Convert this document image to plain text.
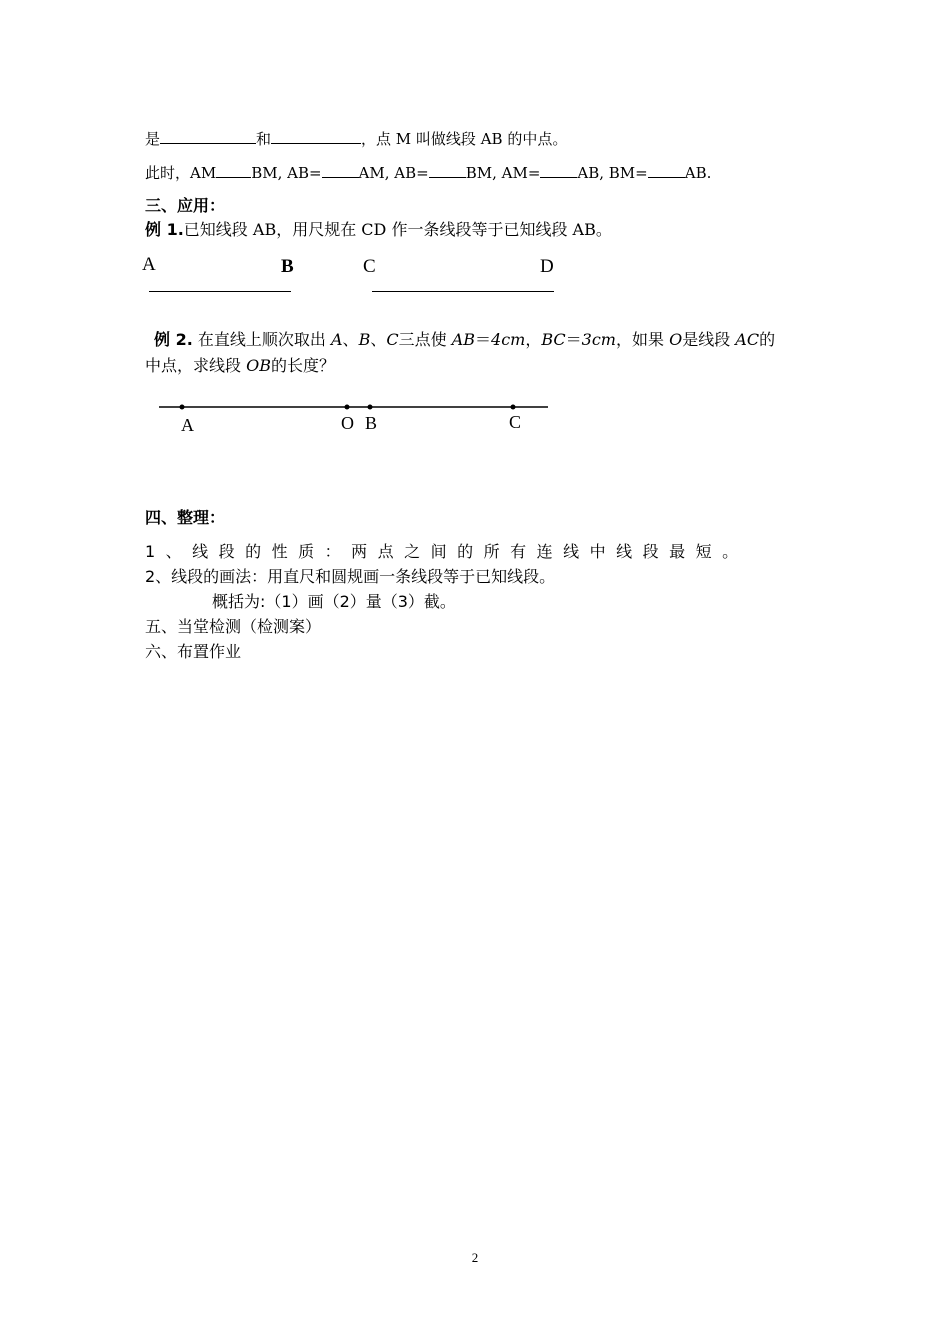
是	和	，点 M 叫做线段 AB 的中点。
此时，AM BM, AB= AM, AB= BM, AM= AB, BM= AB.
三、应用：
例 1.已知线段 AB，用尺规在 CD 作一条线段等于已知线段 AB。
A	B	C	D
例 2. 在直线上顺次取出 A、B、C三点使 AB＝4cm，BC＝3cm，如果 O是线段 AC的
中点，求线段 OB的长度？
A	O B	C
四、整理：
1、线段的性质：两点之间的所有连线中线段最短。
2、线段的画法：用直尺和圆规画一条线段等于已知线段。
概括为:（1）画（2）量（3）截。
五、当堂检测（检测案）
六、布置作业
2
